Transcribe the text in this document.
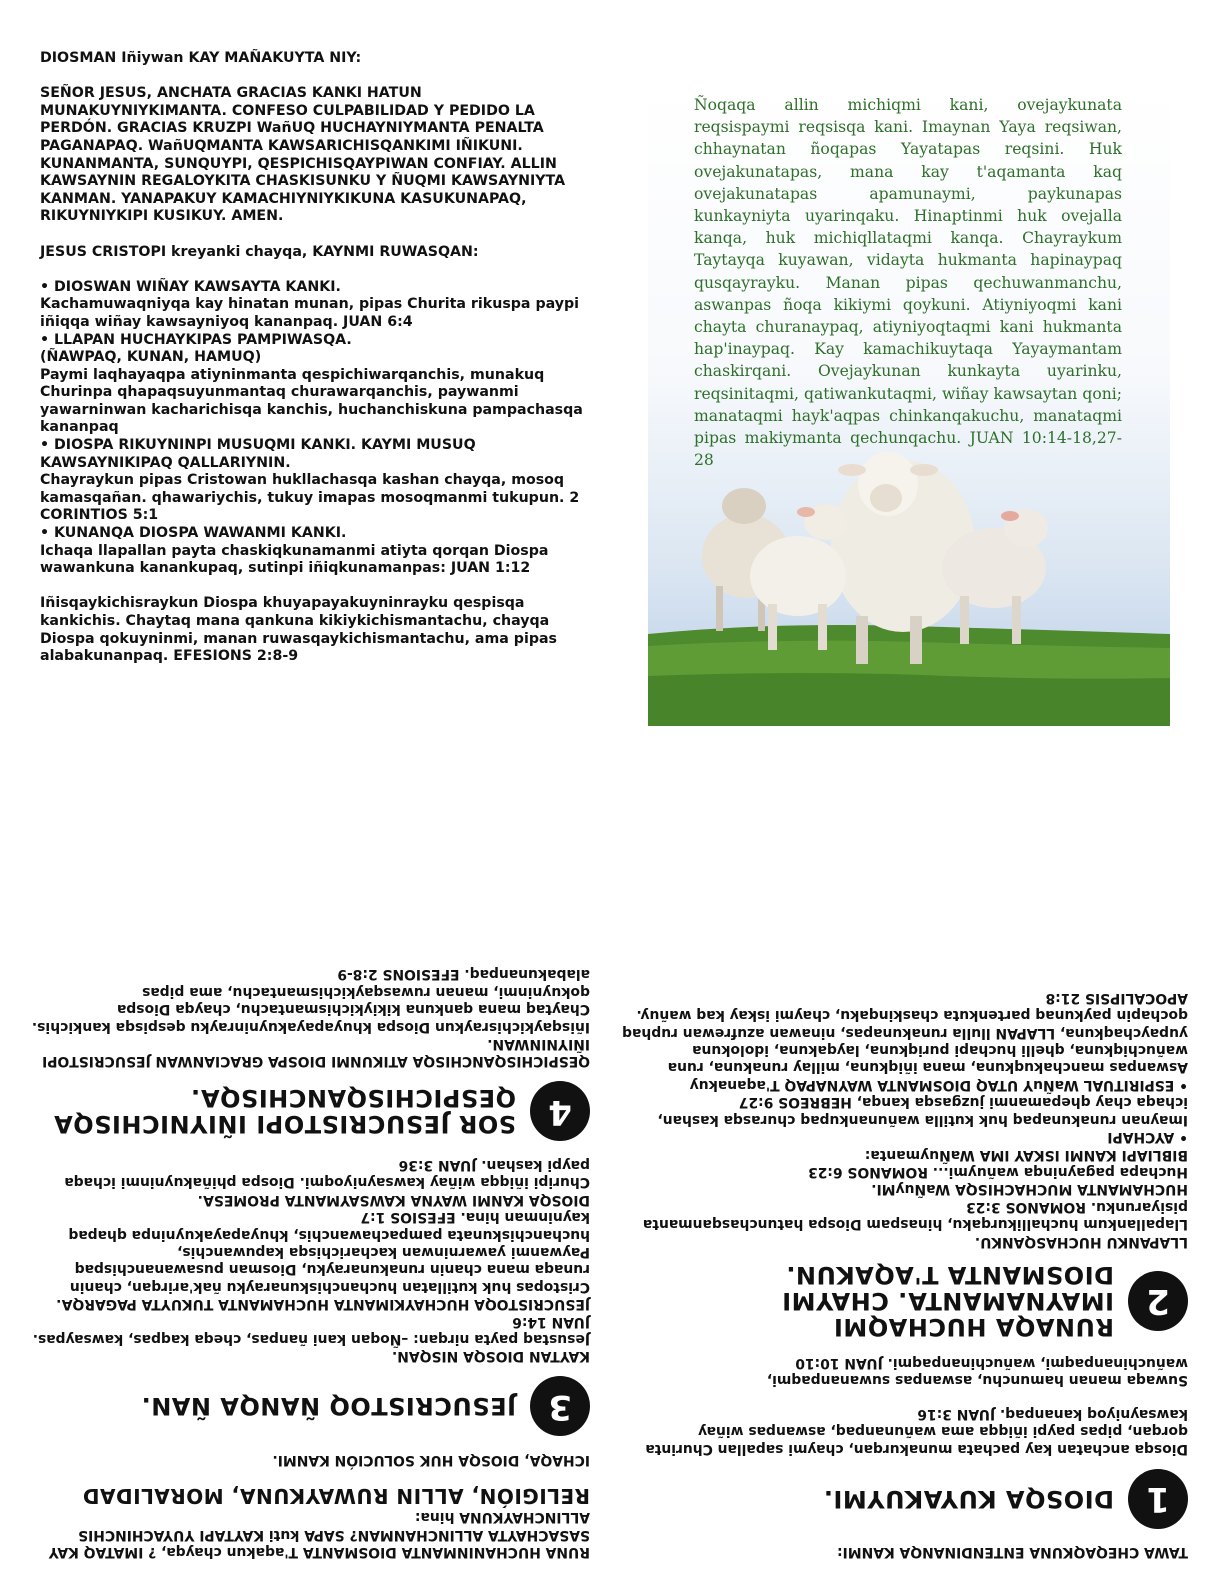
DIOSMAN Iñiywan KAY MAÑAKUYTA NIY:

SEÑOR JESUS, ANCHATA GRACIAS KANKI HATUN MUNAKUYNIYKIMANTA. CONFESO CULPABILIDAD Y PEDIDO LA PERDÓN. GRACIAS KRUZPI WañUQ HUCHAYNIYMANTA PENALTA PAGANAPAQ. WañUQMANTA KAWSARICHISQANKIMI IÑIKUNI. KUNANMANTA, SUNQUYPI, QESPICHISQAYPIWAN CONFIAY. ALLIN KAWSAYNIN REGALOYKITA CHASKISUNKU Y ÑUQMI KAWSAYNIYTA KANMAN. YANAPAKUY KAMACHIYNIYKIKUNA KASUKUNAPAQ, RIKUYNIYKIPI KUSIKUY. AMEN.

JESUS CRISTOPI kreyanki chayqa, KAYNMI RUWASQAN:

• DIOSWAN WIÑAY KAWSAYTA KANKI.

Kachamuwaqniyqa kay hinatan munan, pipas Churita rikuspa paypi iñiqqa wiñay kawsayniyoq kananpaq. JUAN 6:4

• LLAPAN HUCHAYKIPAS PAMPIWASQA.

(ÑAWPAQ, KUNAN, HAMUQ)

Paymi laqhayaqpa atiyninmanta qespichiwarqanchis, munakuq Churinpa qhapaqsuyunmantaq churawarqanchis, paywanmi yawarninwan kacharichisqa kanchis, huchanchiskuna pampachasqa kananpaq

• DIOSPA RIKUYNINPI MUSUQMI KANKI. KAYMI MUSUQ KAWSAYNIKIPAQ QALLARIYNIN.

Chayraykun pipas Cristowan hukllachasqa kashan chayqa, mosoq kamasqañan. qhawariychis, tukuy imapas mosoqmanmi tukupun. 2 CORINTIOS 5:1

• KUNANQA DIOSPA WAWANMI KANKI.

Ichaqa llapallan payta chaskiqkunamanmi atiyta qorqan Diospa wawankuna kanankupaq, sutinpi iñiqkunamanpas: JUAN 1:12

Iñisqaykichisraykun Diospa khuyapayakuyninrayku qespisqa kankichis. Chaytaq mana qankuna kikiykichismantachu, chayqa Diospa qokuyninmi, manan ruwasqaykichismantachu, ama pipas alabakunanpaq. EFESIONS 2:8-9

Ñoqaqa allin michiqmi kani, ovejaykunata reqsispaymi reqsisqa kani. Imaynan Yaya reqsiwan, chhaynatan ñoqapas Yayatapas reqsini. Huk ovejakunatapas, mana kay t'aqamanta kaq ovejakunatapas apamunaymi, paykunapas kunkayniyta uyarinqaku. Hinaptinmi huk ovejalla kanqa, huk michiqllataqmi kanqa. Chayraykum Taytayqa kuyawan, vidayta hukmanta hapinaypaq qusqayrayku. Manan pipas qechuwanmanchu, aswanpas ñoqa kikiymi qoykuni. Atiyniyoqmi kani chayta churanaypaq, atiyniyoqtaqmi kani hukmanta hap'inaypaq. Kay kamachikuytaqa Yayaymantam chaskirqani. Ovejaykunan kunkayta uyarinku, reqsinitaqmi, qatiwankutaqmi, wiñay kawsaytan qoni; manataqmi hayk'aqpas chinkanqakuchu, manataqmi pipas makiymanta qechunqachu. JUAN 10:14-18,27-28

RUNA HUCHANINMANTA DIOSMANTA T'aqakun chayqa, ? IMATAQ KAY SASACHAYTA ALLINCHANMAN? SAPA kuti KAYTAPI YUYACHINCHIS ALLINCHAYKUNA hina:

RELIGIÓN, ALLIN RUWAYKUNA, MORALIDAD

ICHAQA, DIOSQA HUK SOLUCIÓN KANMI.

3
JESUCRISTOQ ÑANQA ÑAN.

KAYTAN DIOSQA NISQAN.

Jesustaq payta nirqan: –Ñoqan kani ñanpas, cheqa kaqpas, kawsaypas. JUAN 14:6

JESUCRISTOQA HUCHAYKIMANTA HUCHAMANTA TUKUYTA PAGARQA.

Cristopas huk kutillatan huchanchiskunarayku ñak'arirqan, chanin runaqa mana chanin runakunarayku, Diosman pusawananchispaq

Paywanmi yawarninwan kacharichisqa kapuwanchis, huchanchiskunata pampachawanchis, khuyapayakuyninpa qhapaq kayninman hina. EFESIOS 1:7

DIOSQA KANMI WAYNA KAWSAYMANTA PROMESA.

Churipi iñiqqa wiñay kawsayniyoqmi. Diospa phiñakuyninmi ichaqa paypi kashan. JUAN 3:36

4
SOR JESUCRISTOPI IÑIYNICHISQA QESPICHISQANCHISQA.

QESPICHISQANCHISQA ATIKUNMI DIOSPA GRACIANWAN JESUCRISTOPI IÑIYNINWAN.

Iñisqaykichisraykun Diospa khuyapayakuyninrayku qespisqa kankichis. Chaytaq mana qankuna kikiykichismantachu, chayqa Diospa qokuyninmi, manan ruwasqaykichismantachu, ama pipas alabakunanpaq. EFESIONS 2:8-9

TAWA CHEQAQKUNA ENTENDINANQA KANMI:

1
DIOSQA KUYAKUYMI.

Diosqa anchatan kay pachata munakurqan, chaymi sapallan Churinta qorqan, pipas paypi iñiqqa ama wañunanpaq, aswanpas wiñay kawsayniyoq kananpaq. JUAN 3:16

Suwaqa manan hamunchu, aswanpas suwananpaqmi, wañuchinanpaqmi, wañuchinanpaqmi. JUAN 10:10

2
RUNAQA HUCHAQMI IMAYNAMANTA. CHAYMI DIOSMANTA T'AQAKUN.

LLAPANKU HUCHASQANKU.

Llapallankum huchallikurqaku, hinaspam Diospa hatunchasqanmanta pisiyarunku. ROMANOS 3:23

HUCHAMANTA MUCHACHISQA WaÑuyMI.

Huchapa pagayninqa wañuymi... ROMANOS 6:23

BIBLIAPI KANMI ISKAY IMA WaÑuymanta:

• AYCHAPI

Imaynan runakunapaq huk kutilla wañunankupaq churasqa kashan, ichaqa chay qhepamanmi juzgasqa kanqa, HEBREOS 9:27

• ESPIRITUAL WaÑuY UTAQ DIOSMANTA WAYNAPAQ T'aqanakuy

Aswanpas manchakuqkuna, mana iñiqkuna, millay runakuna, runa wañuchiqkuna, qhelli huchapi puriqkuna, layqakuna, idolokuna yupaychaqkuna, LLAPAN llulla runakunapas, ninawan azufrewan ruphaq qochapin paykunaq partenkuta chaskinqaku, chaymi iskay kaq wañuy. APOCALIPSIS 21:8
